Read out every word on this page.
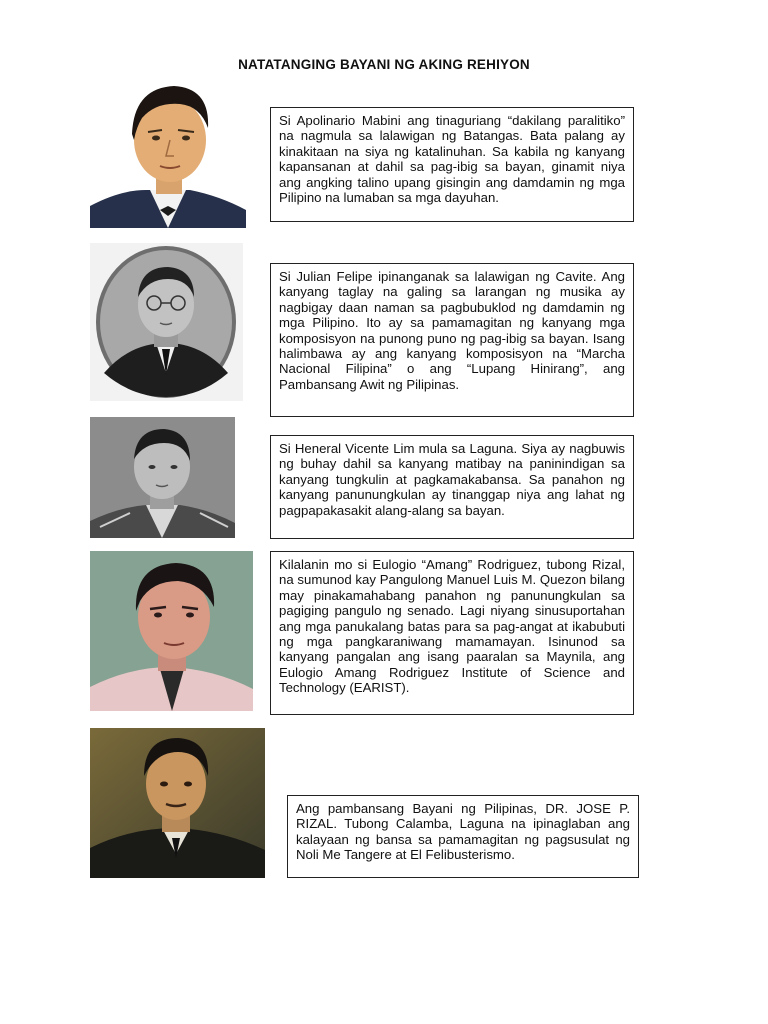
NATATANGING BAYANI NG AKING REHIYON
Si Apolinario Mabini ang tinaguriang “dakilang paralitiko” na nagmula sa lalawigan ng Batangas. Bata palang ay kinakitaan na siya ng katalinuhan. Sa kabila ng kanyang kapansanan at dahil sa pag-ibig sa bayan, ginamit niya ang angking talino upang gisingin ang damdamin ng mga Pilipino na lumaban sa mga dayuhan.
Si Julian Felipe ipinanganak sa lalawigan ng Cavite. Ang kanyang taglay na galing sa larangan ng musika ay nagbigay daan naman sa pagbubuklod ng damdamin ng mga Pilipino. Ito ay sa pamamagitan ng kanyang mga komposisyon na punong puno ng pag-ibig sa bayan. Isang halimbawa ay ang kanyang komposisyon na “Marcha Nacional Filipina” o ang “Lupang Hinirang”, ang Pambansang Awit ng Pilipinas.
Si Heneral Vicente Lim mula sa Laguna. Siya ay nagbuwis ng buhay dahil sa kanyang matibay na paninindigan sa kanyang tungkulin at pagkamakabansa. Sa panahon ng kanyang panunungkulan ay tinanggap niya ang lahat ng pagpapakasakit alang-alang sa bayan.
Kilalanin mo si Eulogio “Amang” Rodriguez, tubong Rizal, na sumunod kay Pangulong Manuel Luis M. Quezon bilang may pinakamahabang panahon ng panunungkulan sa pagiging pangulo ng senado. Lagi niyang sinusuportahan ang mga panukalang batas para sa pag-angat at ikabubuti ng mga pangkaraniwang mamamayan. Isinunod sa kanyang pangalan ang isang paaralan sa Maynila, ang Eulogio Amang Rodriguez Institute of Science and Technology (EARIST).
Ang pambansang Bayani ng Pilipinas, DR. JOSE P. RIZAL. Tubong Calamba, Laguna na ipinaglaban ang kalayaan ng bansa sa pamamagitan ng pagsusulat ng Noli Me Tangere at El Felibusterismo.
